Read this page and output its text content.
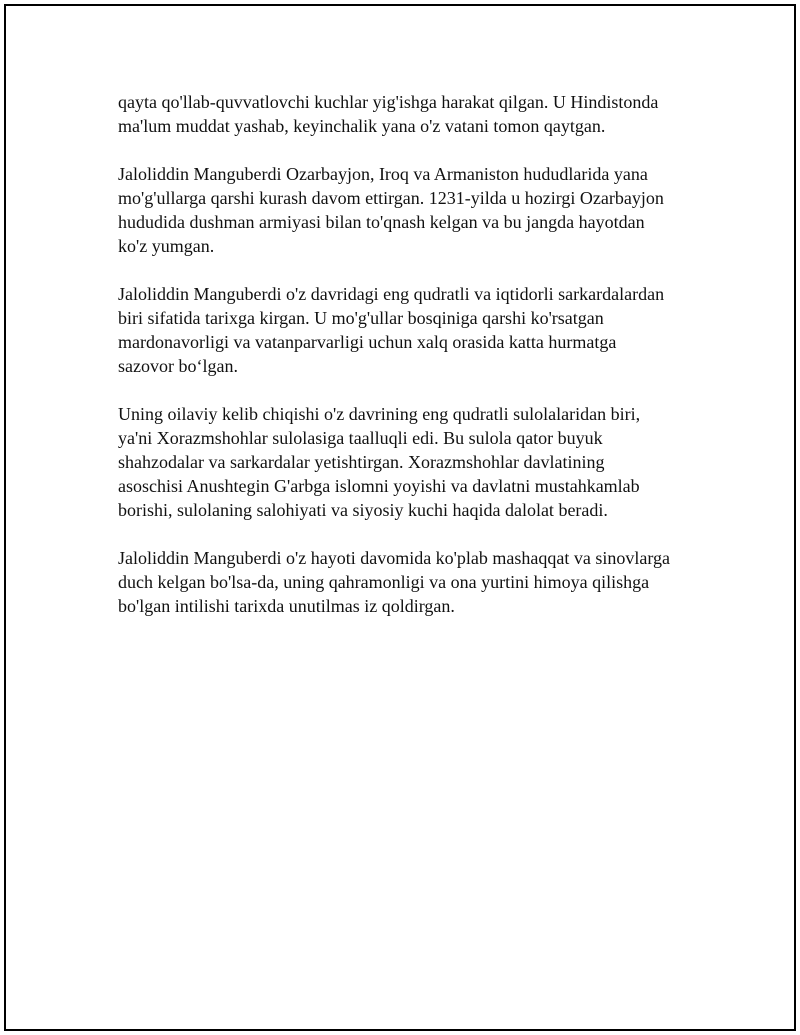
qayta qo'llab-quvvatlovchi kuchlar yig'ishga harakat qilgan. U Hindistonda
ma'lum muddat yashab, keyinchalik yana o'z vatani tomon qaytgan.

Jaloliddin Manguberdi Ozarbayjon, Iroq va Armaniston hududlarida yana
mo'g'ullarga qarshi kurash davom ettirgan. 1231-yilda u hozirgi Ozarbayjon
hududida dushman armiyasi bilan to'qnash kelgan va bu jangda hayotdan
ko'z yumgan.

Jaloliddin Manguberdi o'z davridagi eng qudratli va iqtidorli sarkardalardan
biri sifatida tarixga kirgan. U mo'g'ullar bosqiniga qarshi ko'rsatgan
mardonavorligi va vatanparvarligi uchun xalq orasida katta hurmatga
sazovor bo‘lgan.

Uning oilaviy kelib chiqishi o'z davrining eng qudratli sulolalaridan biri,
ya'ni Xorazmshohlar sulolasiga taalluqli edi. Bu sulola qator buyuk
shahzodalar va sarkardalar yetishtirgan. Xorazmshohlar davlatining
asoschisi Anushtegin G'arbga islomni yoyishi va davlatni mustahkamlab
borishi, sulolaning salohiyati va siyosiy kuchi haqida dalolat beradi.

Jaloliddin Manguberdi o'z hayoti davomida ko'plab mashaqqat va sinovlarga
duch kelgan bo'lsa-da, uning qahramonligi va ona yurtini himoya qilishga
bo'lgan intilishi tarixda unutilmas iz qoldirgan.
